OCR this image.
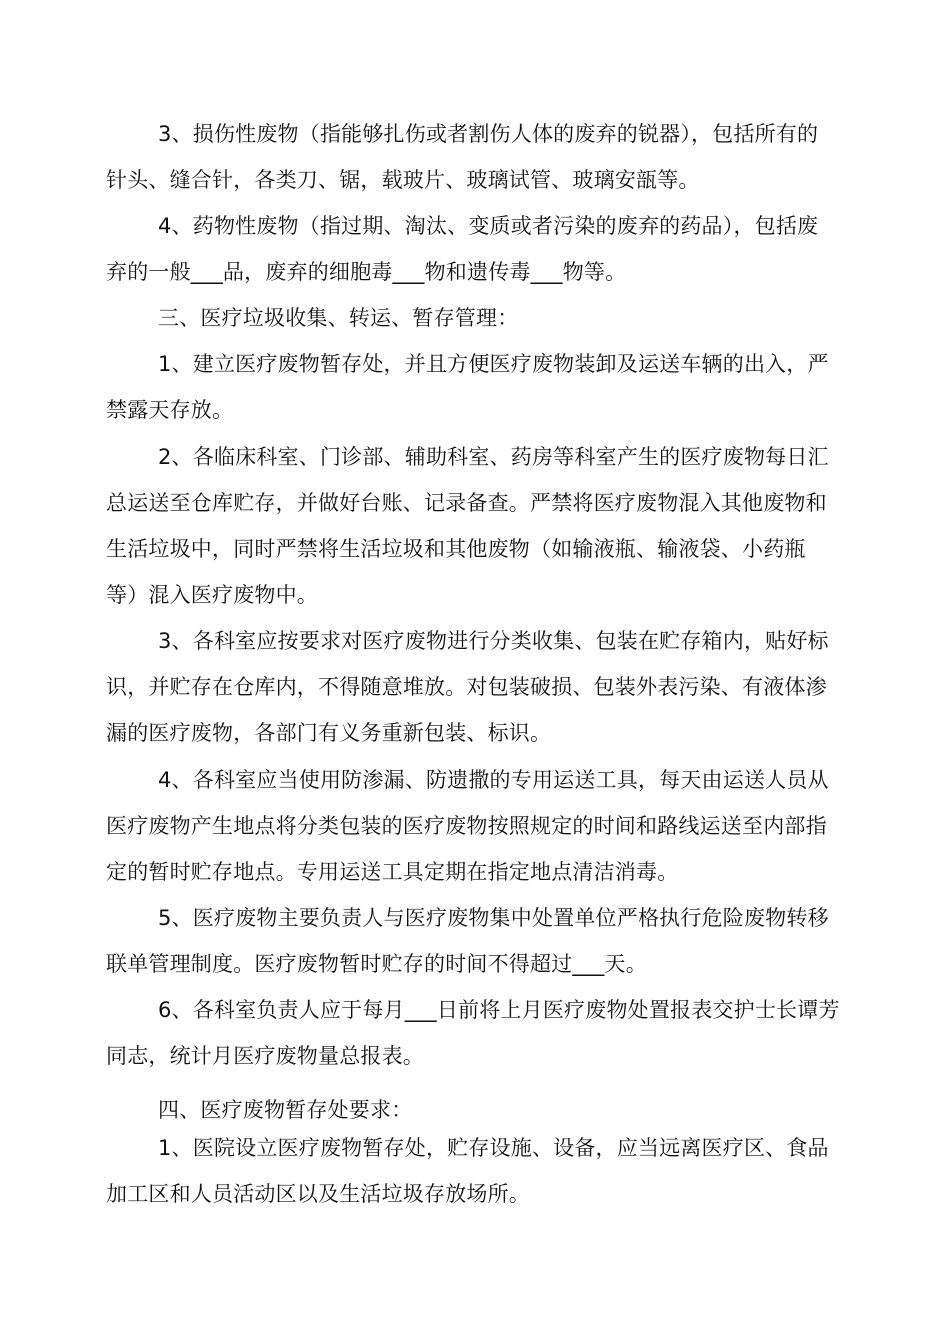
3、损伤性废物（指能够扎伤或者割伤人体的废弃的锐器），包括所有的
针头、缝合针，各类刀、锯，载玻片、玻璃试管、玻璃安瓿等。
4、药物性废物（指过期、淘汰、变质或者污染的废弃的药品），包括废
弃的一般___品，废弃的细胞毒___物和遗传毒___物等。
三、医疗垃圾收集、转运、暂存管理：
1、建立医疗废物暂存处，并且方便医疗废物装卸及运送车辆的出入，严
禁露天存放。
2、各临床科室、门诊部、辅助科室、药房等科室产生的医疗废物每日汇
总运送至仓库贮存，并做好台账、记录备查。严禁将医疗废物混入其他废物和
生活垃圾中，同时严禁将生活垃圾和其他废物（如输液瓶、输液袋、小药瓶
等）混入医疗废物中。
3、各科室应按要求对医疗废物进行分类收集、包装在贮存箱内，贴好标
识，并贮存在仓库内，不得随意堆放。对包装破损、包装外表污染、有液体渗
漏的医疗废物，各部门有义务重新包装、标识。
4、各科室应当使用防渗漏、防遗撒的专用运送工具，每天由运送人员从
医疗废物产生地点将分类包装的医疗废物按照规定的时间和路线运送至内部指
定的暂时贮存地点。专用运送工具定期在指定地点清洁消毒。
5、医疗废物主要负责人与医疗废物集中处置单位严格执行危险废物转移
联单管理制度。医疗废物暂时贮存的时间不得超过___天。
6、各科室负责人应于每月___日前将上月医疗废物处置报表交护士长谭芳
同志，统计月医疗废物量总报表。
四、医疗废物暂存处要求：
1、医院设立医疗废物暂存处，贮存设施、设备，应当远离医疗区、食品
加工区和人员活动区以及生活垃圾存放场所。
